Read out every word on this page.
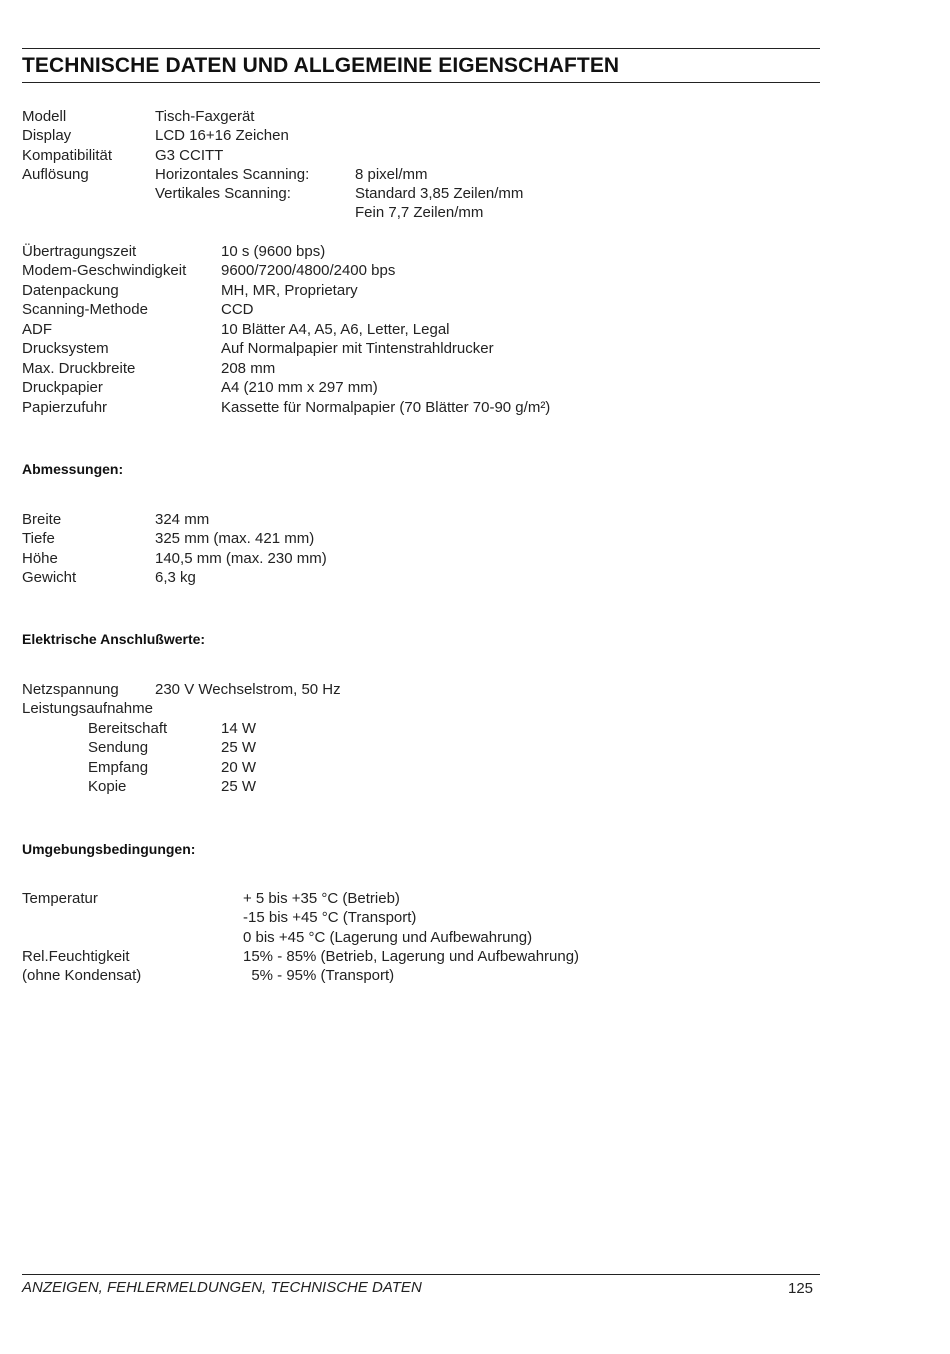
TECHNISCHE DATEN UND ALLGEMEINE EIGENSCHAFTEN
Modell	Tisch-Faxgerät
Display	LCD 16+16 Zeichen
Kompatibilität	G3 CCITT
Auflösung	Horizontales Scanning:	8 pixel/mm
Vertikales Scanning:	Standard 3,85 Zeilen/mm
Fein 7,7 Zeilen/mm
Übertragungszeit	10 s (9600 bps)
Modem-Geschwindigkeit 9600/7200/4800/2400 bps
Datenpackung	MH, MR, Proprietary
Scanning-Methode	CCD
ADF	10 Blätter A4, A5, A6, Letter, Legal
Drucksystem	Auf Normalpapier mit Tintenstrahldrucker
Max. Druckbreite	208 mm
Druckpapier	A4 (210 mm x 297 mm)
Papierzufuhr	Kassette für Normalpapier (70 Blätter 70-90 g/m²)
Abmessungen:
Breite	324 mm
Tiefe	325 mm (max. 421 mm)
Höhe	140,5 mm (max. 230 mm)
Gewicht	6,3 kg
Elektrische Anschlußwerte:
Netzspannung 230 V Wechselstrom, 50 Hz
Leistungsaufnahme
Bereitschaft	14 W
Sendung	25 W
Empfang	20 W
Kopie	25 W
Umgebungsbedingungen:
Temperatur	+ 5 bis +35 °C (Betrieb)
-15 bis +45 °C (Transport)
0 bis +45 °C (Lagerung und Aufbewahrung)
Rel.Feuchtigkeit	15% - 85% (Betrieb, Lagerung und Aufbewahrung)
(ohne Kondensat)	5% - 95% (Transport)
ANZEIGEN, FEHLERMELDUNGEN, TECHNISCHE DATEN	125
